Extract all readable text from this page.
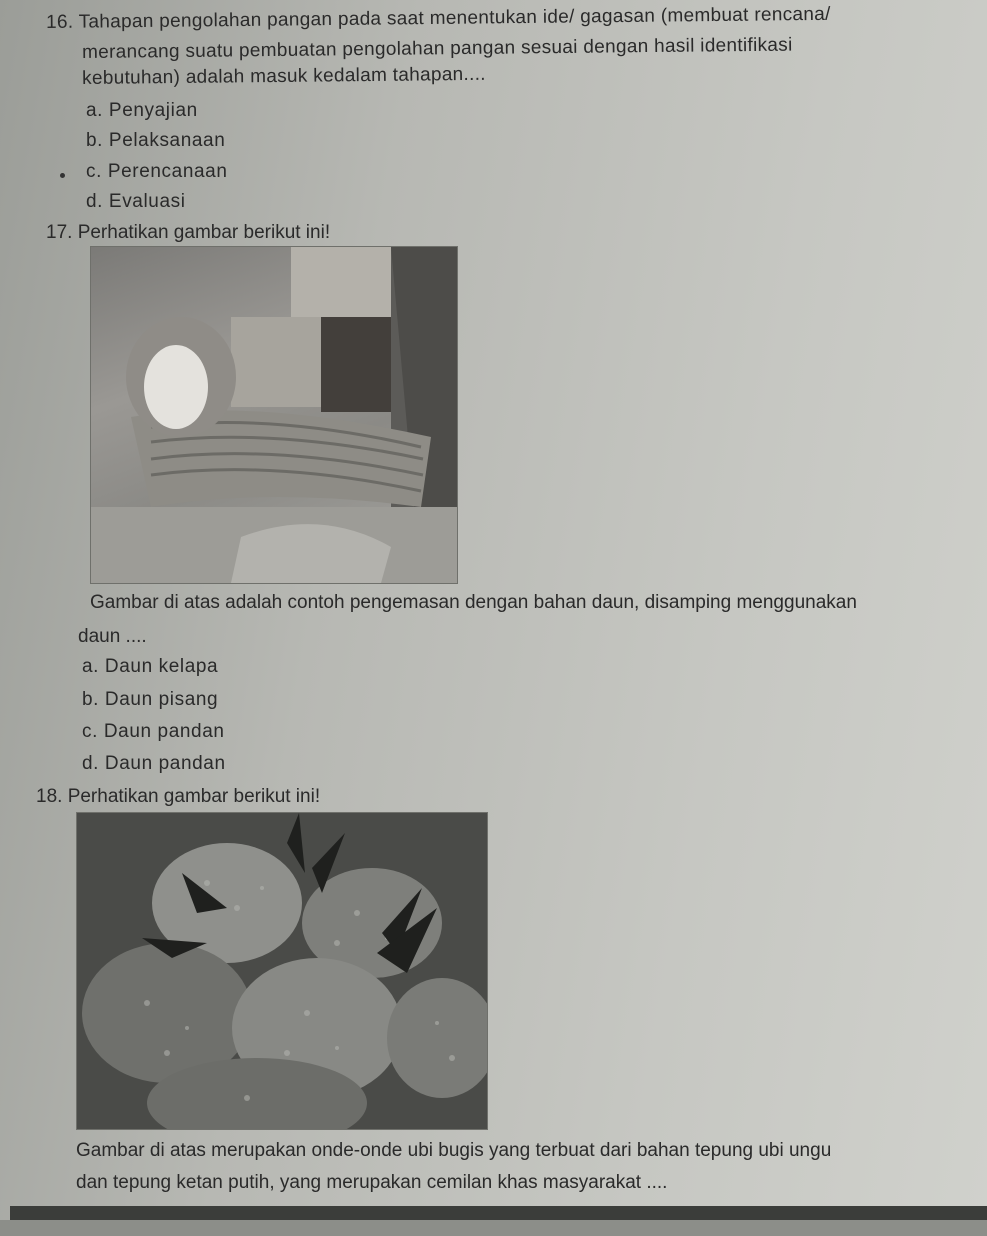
16. Tahapan pengolahan pangan pada saat menentukan ide/ gagasan (membuat rencana/
merancang suatu pembuatan pengolahan pangan sesuai dengan hasil identifikasi
kebutuhan) adalah masuk kedalam tahapan....
a. Penyajian
b. Pelaksanaan
c. Perencanaan
d. Evaluasi
17. Perhatikan gambar berikut ini!
Gambar di atas adalah contoh pengemasan dengan bahan daun, disamping menggunakan
daun ....
a. Daun kelapa
b. Daun pisang
c. Daun pandan
d. Daun pandan
18. Perhatikan gambar berikut ini!
Gambar di atas merupakan onde-onde ubi bugis yang terbuat dari bahan tepung ubi ungu
dan tepung ketan putih, yang merupakan cemilan khas masyarakat ....
